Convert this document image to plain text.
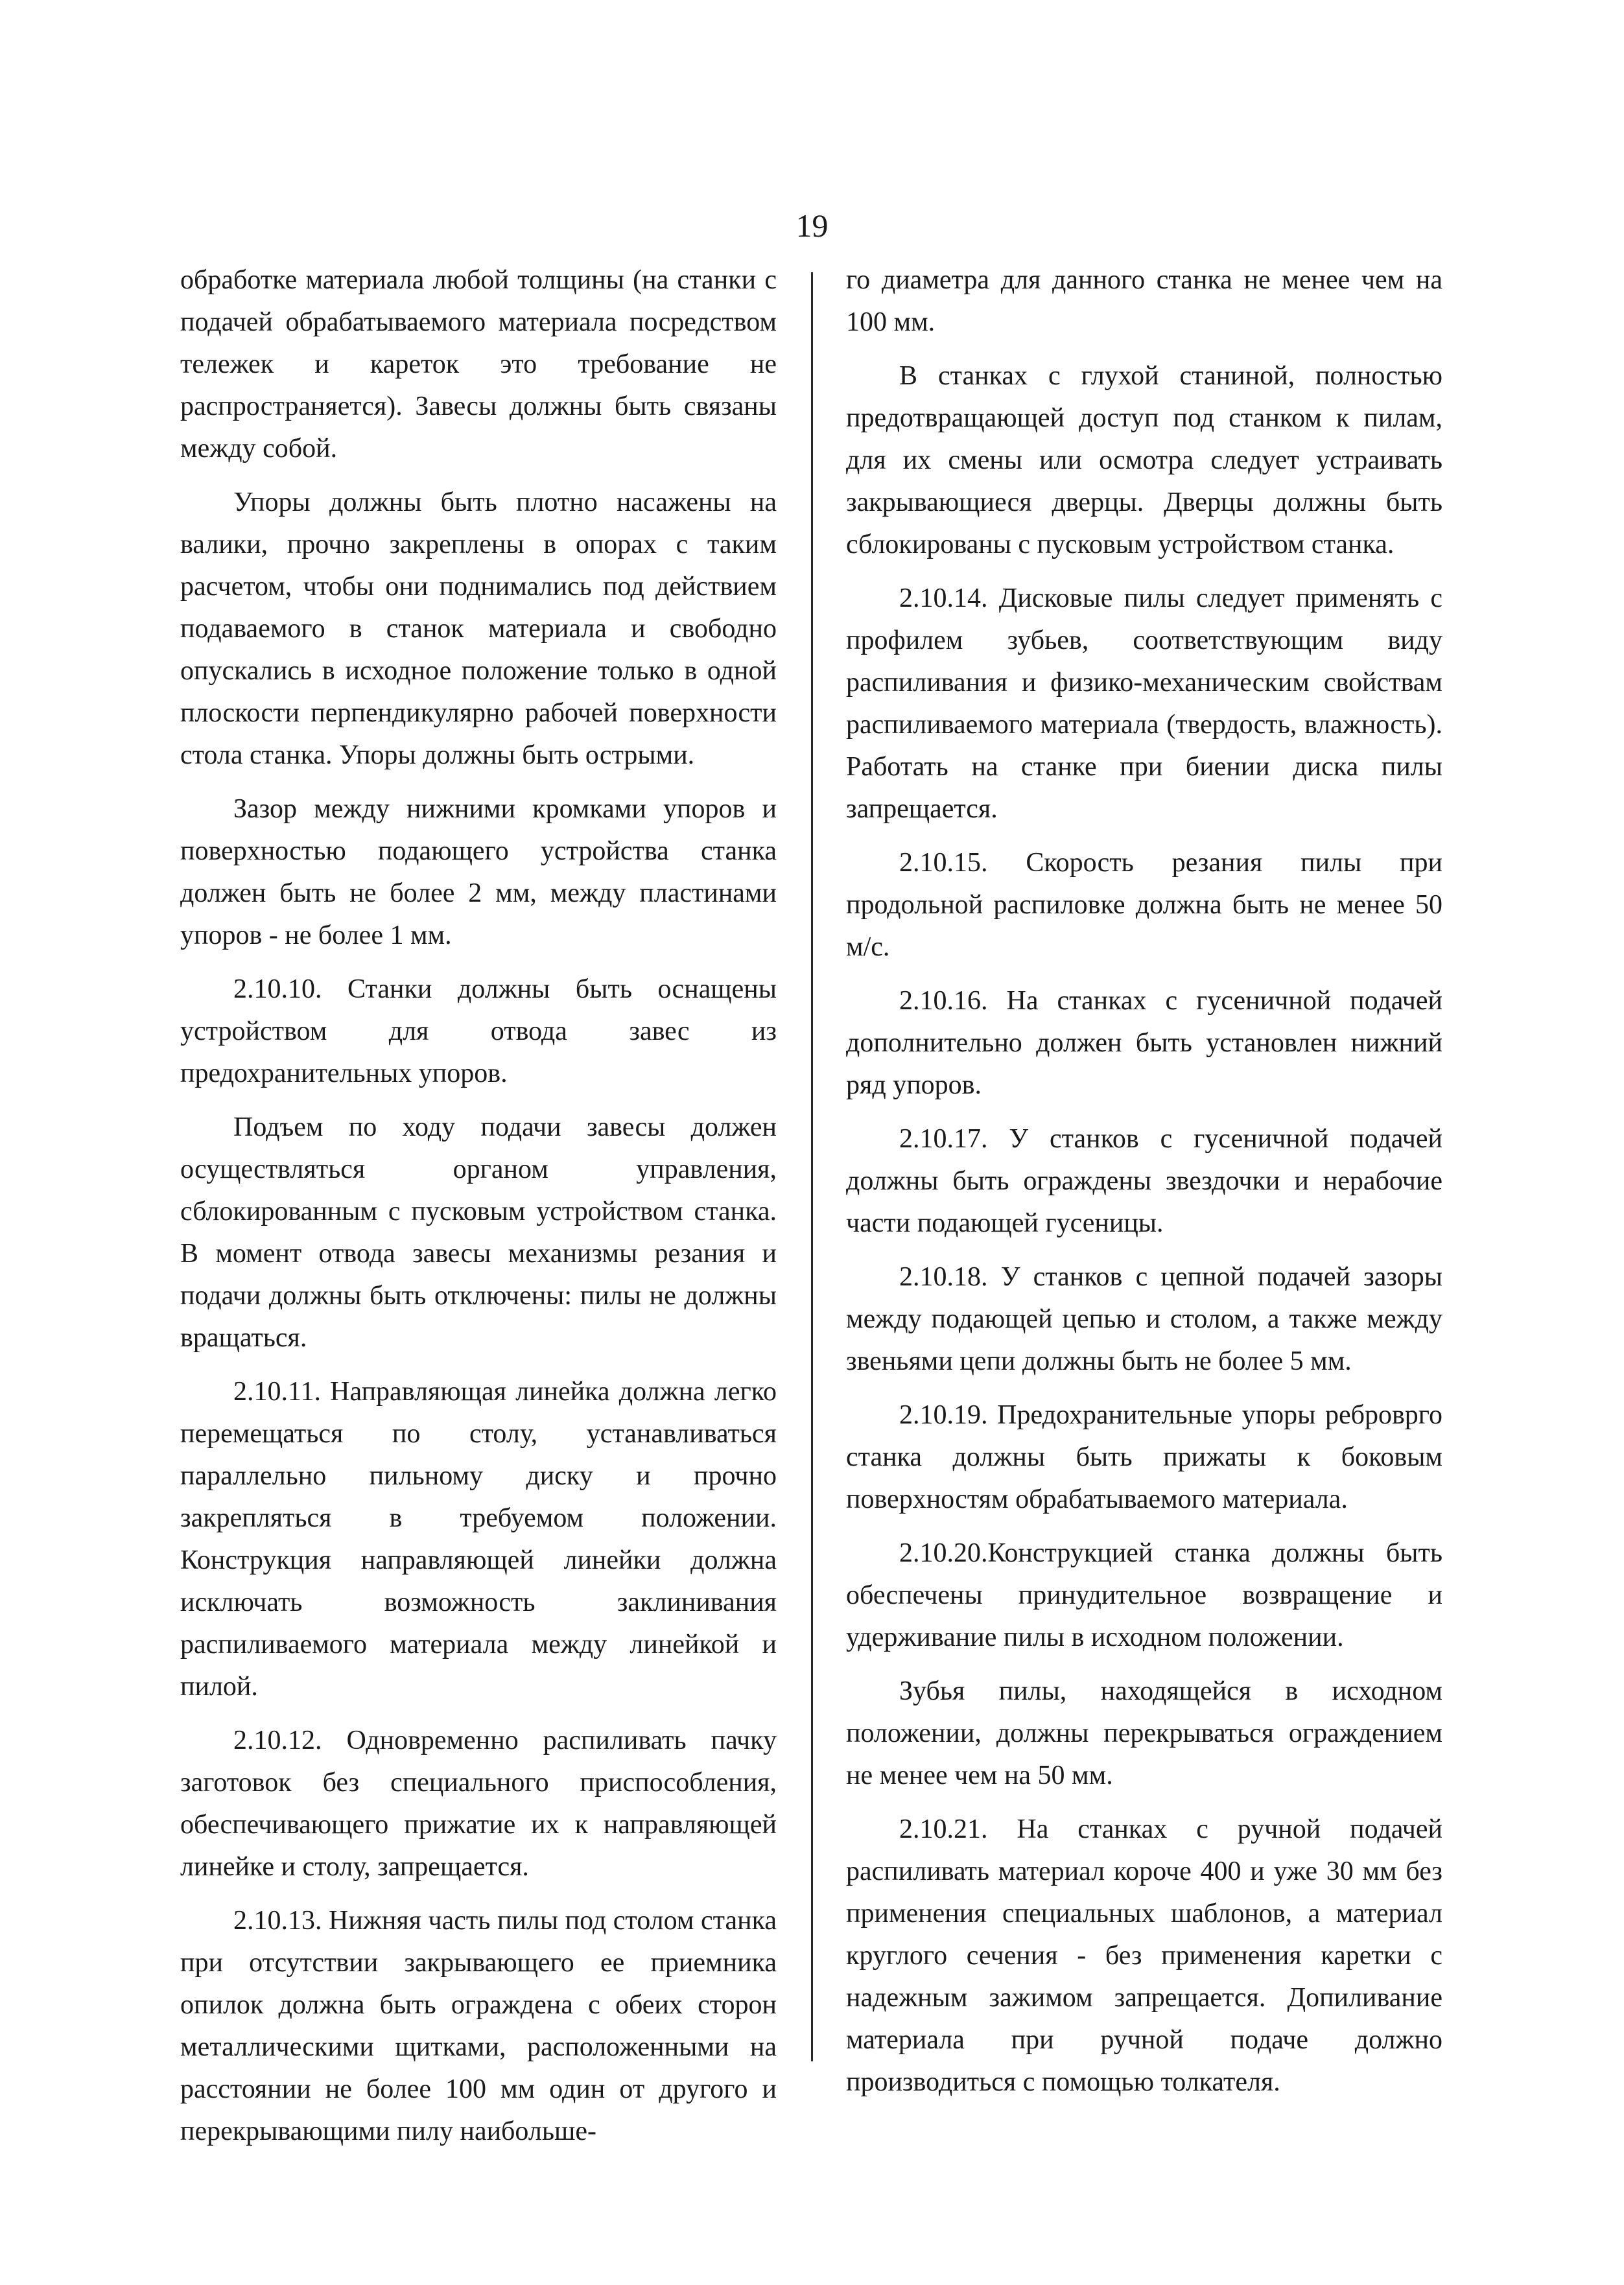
19

обработке материала любой толщины (на станки с подачей обрабатываемого материала посредством тележек и кареток это требование не распространяется). Завесы должны быть связаны между собой.

Упоры должны быть плотно насажены на валики, прочно закреплены в опорах с таким расчетом, чтобы они поднимались под действием подаваемого в станок материала и свободно опускались в исходное положение только в одной плоскости перпендикулярно рабочей поверхности стола станка. Упоры должны быть острыми.

Зазор между нижними кромками упоров и поверхностью подающего устройства станка должен быть не более 2 мм, между пластинами упоров - не более 1 мм.

2.10.10. Станки должны быть оснащены устройством для отвода завес из предохранительных упоров.

Подъем по ходу подачи завесы должен осуществляться органом управления, сблокированным с пусковым устройством станка. В момент отвода завесы механизмы резания и подачи должны быть отключены: пилы не должны вращаться.

2.10.11. Направляющая линейка должна легко перемещаться по столу, устанавливаться параллельно пильному диску и прочно закрепляться в требуемом положении. Конструкция направляющей линейки должна исключать возможность заклинивания распиливаемого материала между линейкой и пилой.

2.10.12. Одновременно распиливать пачку заготовок без специального приспособления, обеспечивающего прижатие их к направляющей линейке и столу, запрещается.

2.10.13. Нижняя часть пилы под столом станка при отсутствии закрывающего ее приемника опилок должна быть ограждена с обеих сторон металлическими щитками, расположенными на расстоянии не более 100 мм один от другого и перекрывающими пилу наибольше-

го диаметра для данного станка не менее чем на 100 мм.

В станках с глухой станиной, полностью предотвращающей доступ под станком к пилам, для их смены или осмотра следует устраивать закрывающиеся дверцы. Дверцы должны быть сблокированы с пусковым устройством станка.

2.10.14. Дисковые пилы следует применять с профилем зубьев, соответствующим виду распиливания и физико-механическим свойствам распиливаемого материала (твердость, влажность). Работать на станке при биении диска пилы запрещается.

2.10.15. Скорость резания пилы при продольной распиловке должна быть не менее 50 м/с.

2.10.16. На станках с гусеничной подачей дополнительно должен быть установлен нижний ряд упоров.

2.10.17. У станков с гусеничной подачей должны быть ограждены звездочки и нерабочие части подающей гусеницы.

2.10.18. У станков с цепной подачей зазоры между подающей цепью и столом, а также между звеньями цепи должны быть не более 5 мм.

2.10.19. Предохранительные упоры реброврго станка должны быть прижаты к боковым поверхностям обрабатываемого материала.

2.10.20.Конструкцией станка должны быть обеспечены принудительное возвращение и удерживание пилы в исходном положении.

Зубья пилы, находящейся в исходном положении, должны перекрываться ограждением не менее чем на 50 мм.

2.10.21. На станках с ручной подачей распиливать материал короче 400 и уже 30 мм без применения специальных шаблонов, а материал круглого сечения - без применения каретки с надежным зажимом запрещается. Допиливание материала при ручной подаче должно производиться с помощью толкателя.
